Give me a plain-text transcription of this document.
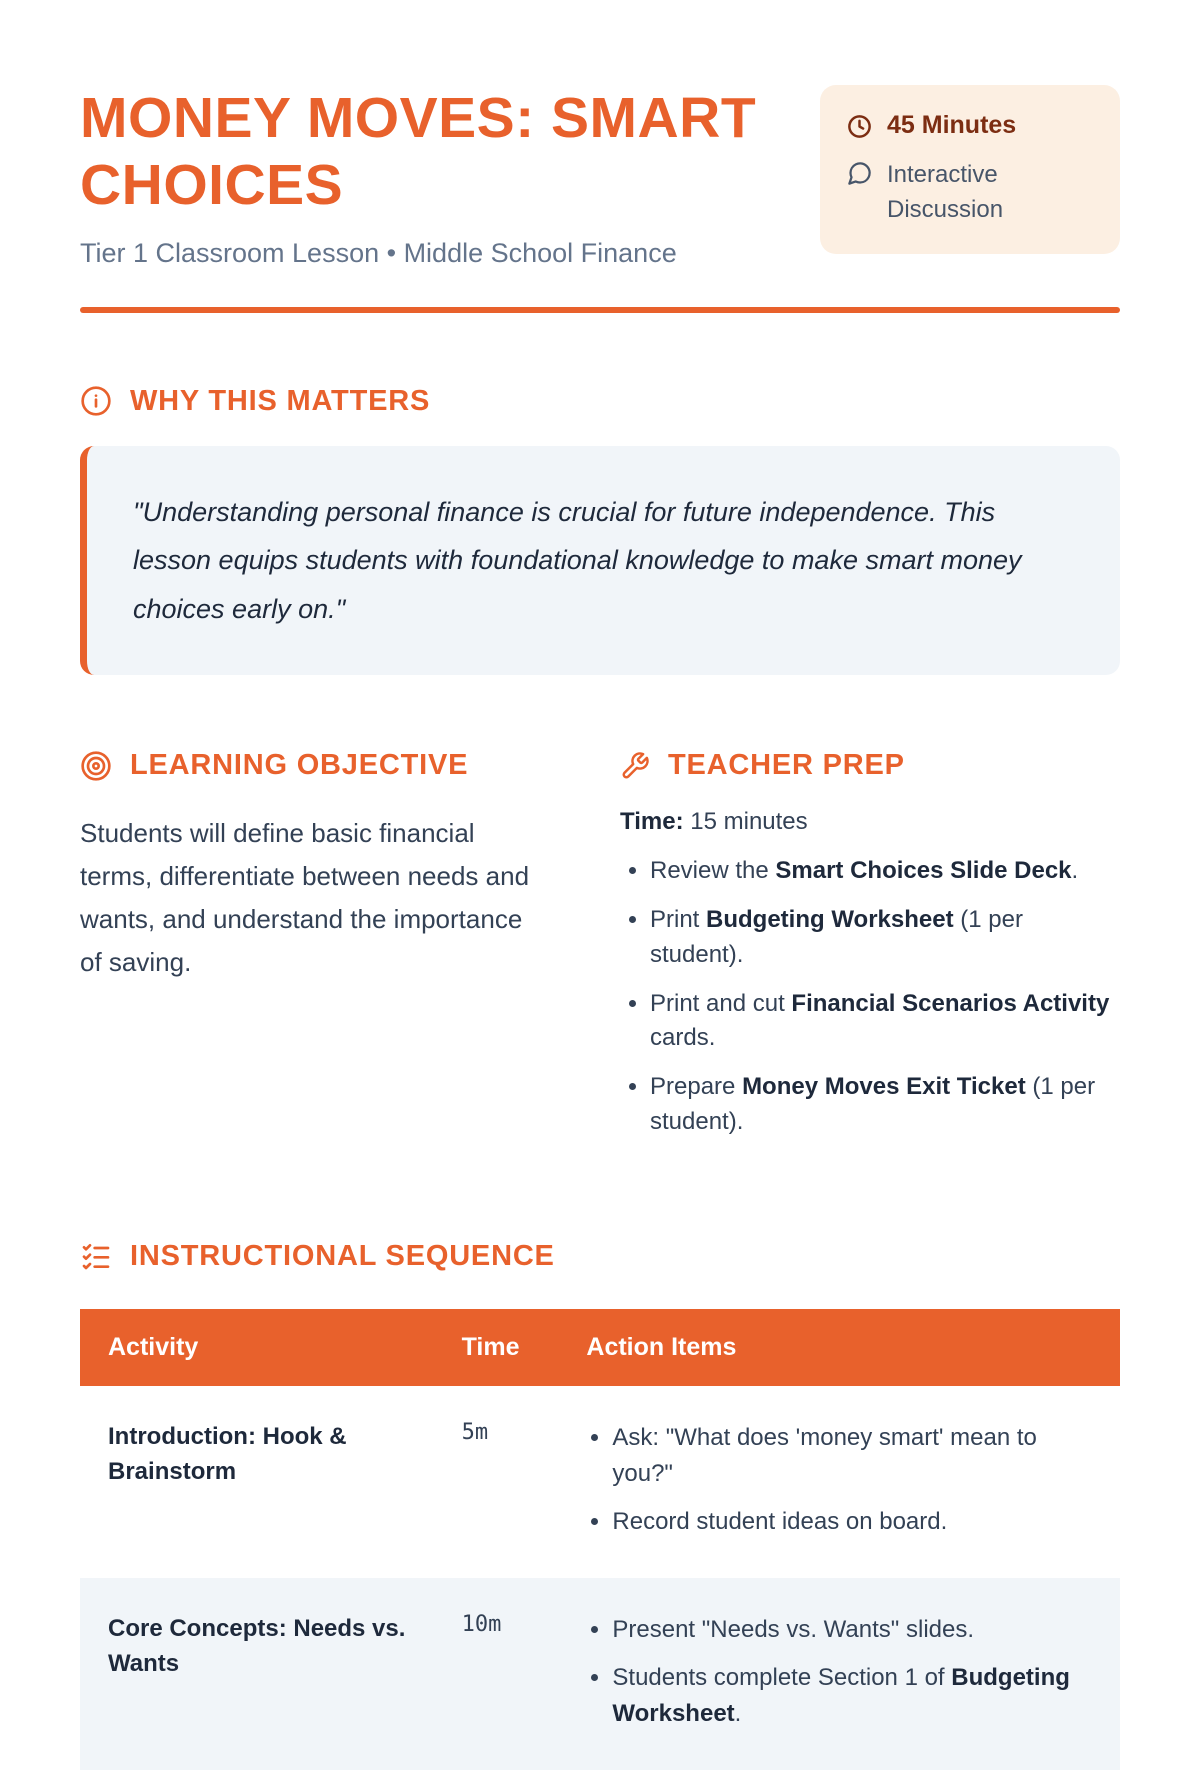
MONEY MOVES: SMART CHOICES

Tier 1 Classroom Lesson • Middle School Finance

45 Minutes
Interactive Discussion
WHY THIS MATTERS
"Understanding personal finance is crucial for future independence. This lesson equips students with foundational knowledge to make smart money choices early on."
LEARNING OBJECTIVE

Students will define basic financial terms, differentiate between needs and wants, and understand the importance of saving.

TEACHER PREP

Time: 15 minutes

• Review the Smart Choices Slide Deck.
• Print Budgeting Worksheet (1 per student).
• Print and cut Financial Scenarios Activity cards.
• Prepare Money Moves Exit Ticket (1 per student).
INSTRUCTIONAL SEQUENCE
Activity	Time	Action Items
Introduction: Hook & Brainstorm	5m	
•Ask: "What does 'money smart' mean to you?"
• Record student ideas on board.

Core Concepts: Needs vs. Wants	10m	
•Present "Needs vs. Wants" slides.
• Students complete Section 1 of Budgeting Worksheet.
